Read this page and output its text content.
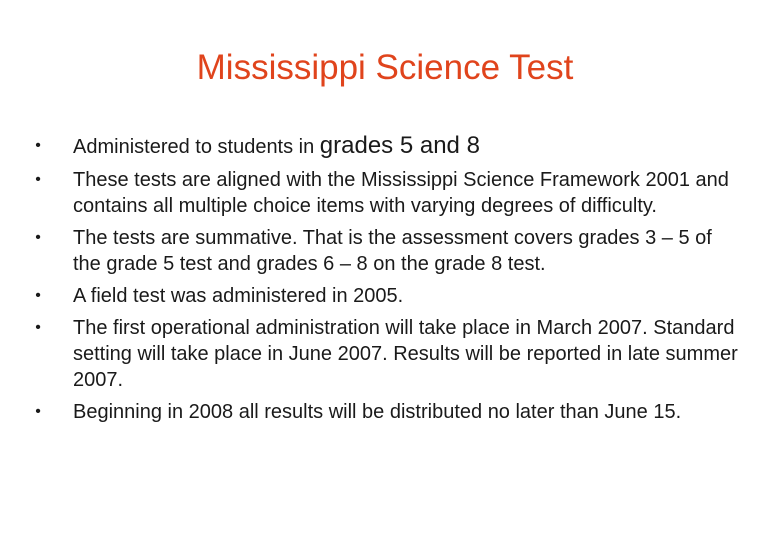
Mississippi Science Test
•	Administered to students in grades 5 and 8
•	These tests are aligned with the Mississippi Science Framework 2001 and contains all multiple choice items with varying degrees of difficulty.
•	The tests are summative. That is the assessment covers grades 3 – 5 of the grade 5 test and grades 6 – 8 on the grade 8 test.
•	A field test was administered in 2005.
•	The first operational administration will take place in March 2007. Standard setting will take place in June 2007. Results will be reported in late summer 2007.
•	Beginning in 2008 all results will be distributed no later than June 15.
